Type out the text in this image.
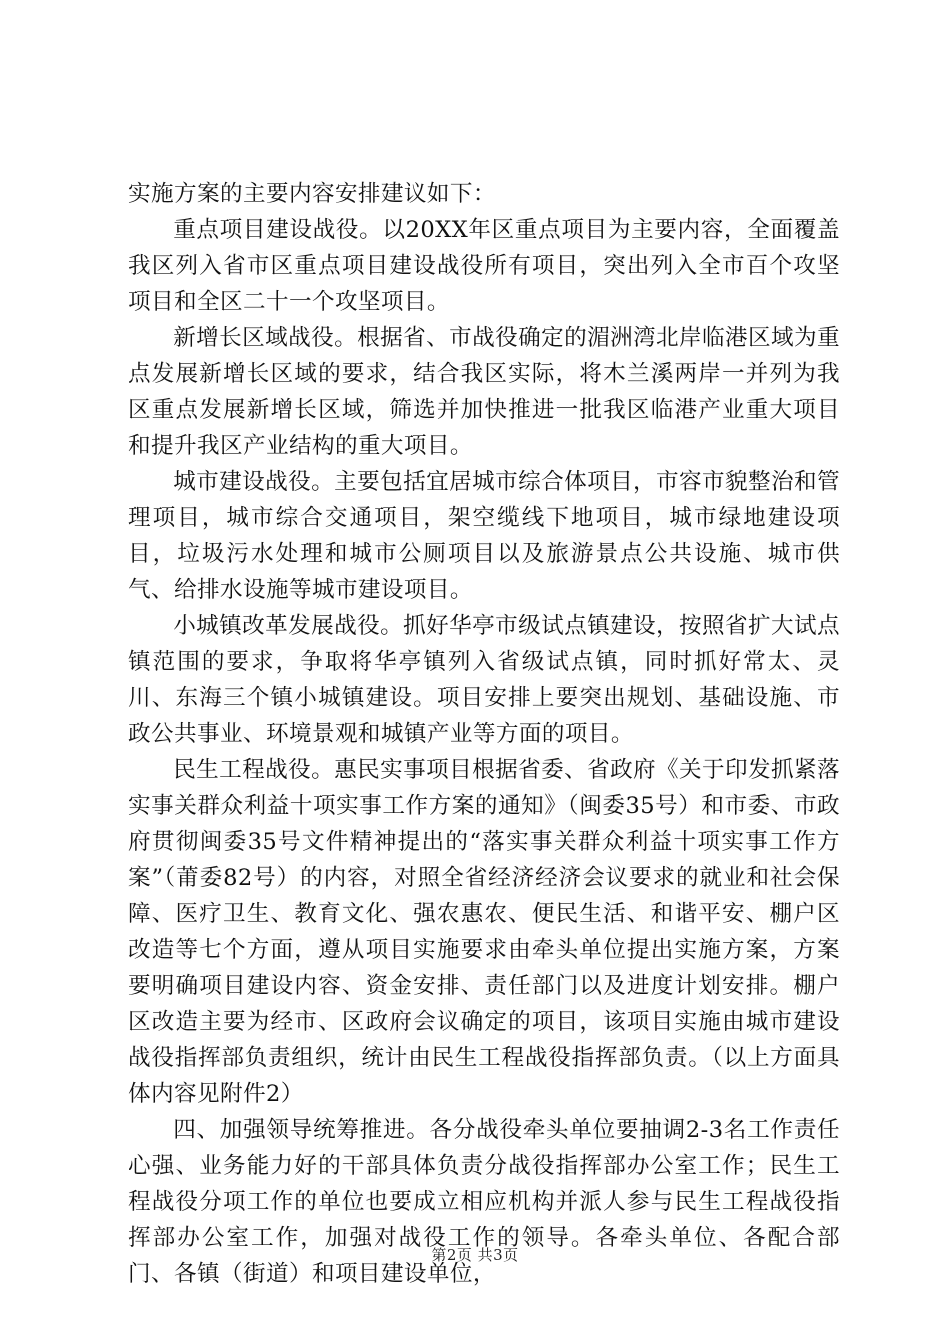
实施方案的主要内容安排建议如下：

重点项目建设战役。以20XX年区重点项目为主要内容，全面覆盖我区列入省市区重点项目建设战役所有项目，突出列入全市百个攻坚项目和全区二十一个攻坚项目。

新增长区域战役。根据省、市战役确定的湄洲湾北岸临港区域为重点发展新增长区域的要求，结合我区实际，将木兰溪两岸一并列为我区重点发展新增长区域，筛选并加快推进一批我区临港产业重大项目和提升我区产业结构的重大项目。

城市建设战役。主要包括宜居城市综合体项目，市容市貌整治和管理项目，城市综合交通项目，架空缆线下地项目，城市绿地建设项目，垃圾污水处理和城市公厕项目以及旅游景点公共设施、城市供气、给排水设施等城市建设项目。

小城镇改革发展战役。抓好华亭市级试点镇建设，按照省扩大试点镇范围的要求，争取将华亭镇列入省级试点镇，同时抓好常太、灵川、东海三个镇小城镇建设。项目安排上要突出规划、基础设施、市政公共事业、环境景观和城镇产业等方面的项目。

民生工程战役。惠民实事项目根据省委、省政府《关于印发抓紧落实事关群众利益十项实事工作方案的通知》（闽委35号）和市委、市政府贯彻闽委35号文件精神提出的“落实事关群众利益十项实事工作方案”（莆委82号）的内容，对照全省经济经济会议要求的就业和社会保障、医疗卫生、教育文化、强农惠农、便民生活、和谐平安、棚户区改造等七个方面，遵从项目实施要求由牵头单位提出实施方案，方案要明确项目建设内容、资金安排、责任部门以及进度计划安排。棚户区改造主要为经市、区政府会议确定的项目，该项目实施由城市建设战役指挥部负责组织，统计由民生工程战役指挥部负责。（以上方面具体内容见附件2）

四、加强领导统筹推进。各分战役牵头单位要抽调2-3名工作责任心强、业务能力好的干部具体负责分战役指挥部办公室工作；民生工程战役分项工作的单位也要成立相应机构并派人参与民生工程战役指挥部办公室工作，加强对战役工作的领导。各牵头单位、各配合部门、各镇（街道）和项目建设单位，

第2页 共3页
